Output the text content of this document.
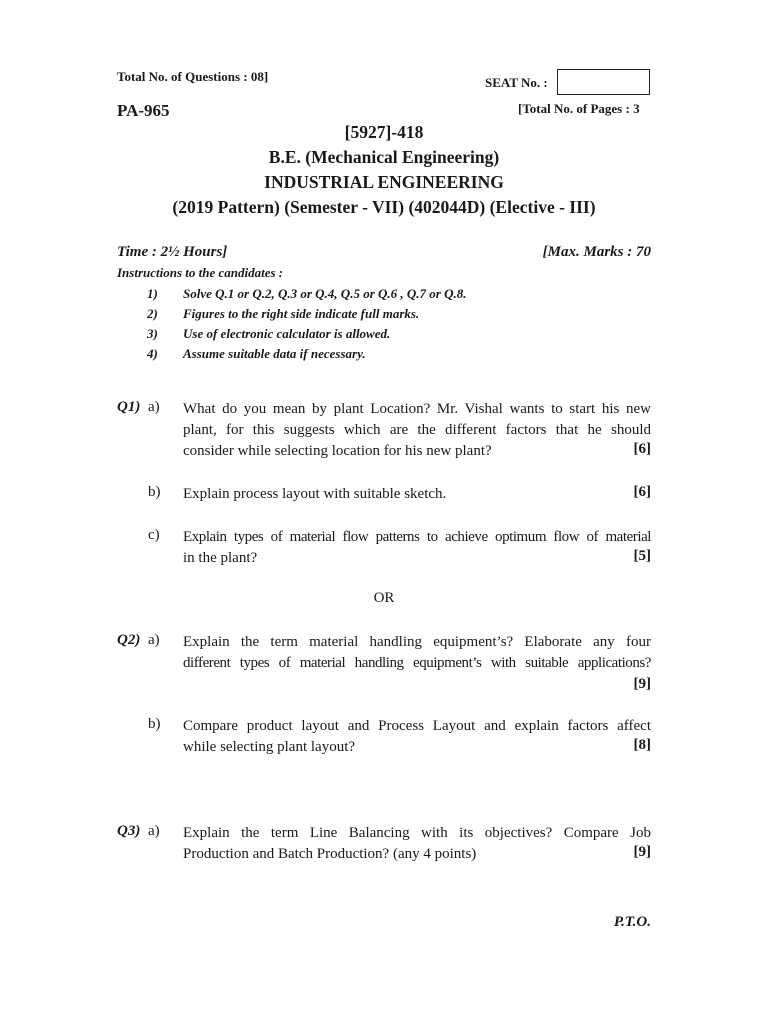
Total No. of Questions : 08]	SEAT No. :
PA-965	[Total No. of Pages : 3
[5927]-418
B.E. (Mechanical Engineering)
INDUSTRIAL ENGINEERING
(2019 Pattern) (Semester - VII) (402044D) (Elective - III)
Time : 2½ Hours]	[Max. Marks : 70
Instructions to the candidates :
1)	Solve Q.1 or Q.2, Q.3 or Q.4, Q.5 or Q.6 , Q.7 or Q.8.
2)	Figures to the right side indicate full marks.
3)	Use of electronic calculator is allowed.
4)	Assume suitable data if necessary.
Q1) a) What do you mean by plant Location? Mr. Vishal wants to start his new
plant, for this suggests which are the different factors that he should
consider while selecting location for his new plant?	[6]
b) Explain process layout with suitable sketch.	[6]
c) Explain types of material flow patterns to achieve optimum flow of material
in the plant?	[5]
OR
Q2) a) Explain the term material handling equipment’s? Elaborate any four
different types of material handling equipment’s with suitable applications?
[9]
b) Compare product layout and Process Layout and explain factors affect
while selecting plant layout?	[8]
Q3) a) Explain the term Line Balancing with its objectives? Compare Job
Production and Batch Production? (any 4 points)	[9]
P.T.O.
